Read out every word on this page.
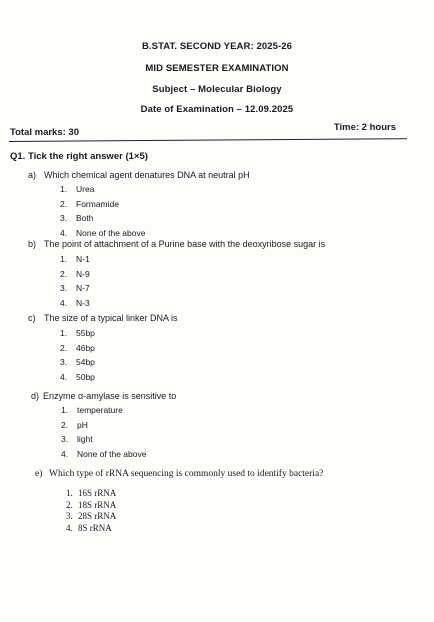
B.STAT. SECOND YEAR: 2025-26
MID SEMESTER EXAMINATION
Subject – Molecular Biology
Date of Examination – 12.09.2025
Total marks: 30	Time: 2 hours
Q1. Tick the right answer (1×5)
a) Which chemical agent denatures DNA at neutral pH
1. Urea
2. Formamide
3. Both
4. None of the above
b) The point of attachment of a Purine base with the deoxyribose sugar is
1. N-1
2. N-9
3. N-7
4. N-3
c) The size of a typical linker DNA is
1. 55bp
2. 46bp
3. 54bp
4. 50bp
d) Enzyme α-amylase is sensitive to
1. temperature
2. pH
3. light
4. None of the above
e) Which type of rRNA sequencing is commonly used to identify bacteria?
1. 16S rRNA
2. 18S rRNA
3. 28S rRNA
4. 8S rRNA
